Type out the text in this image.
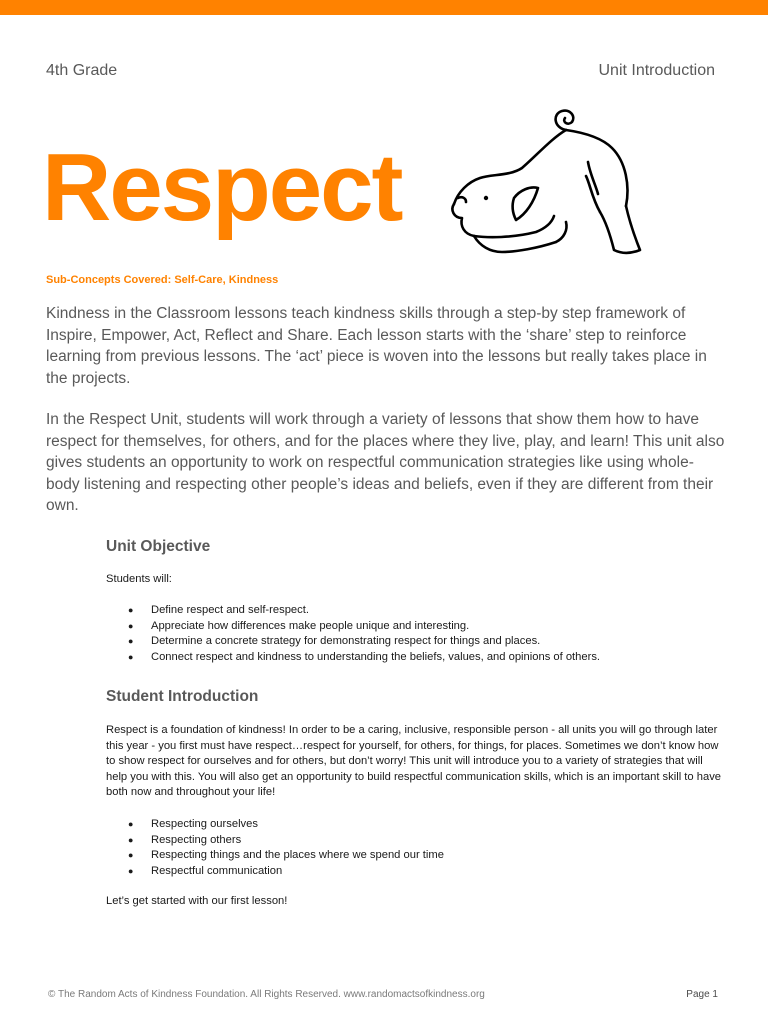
4th Grade	Unit Introduction
Respect
Sub-Concepts Covered: Self-Care, Kindness

Kindness in the Classroom lessons teach kindness skills through a step-by step framework of Inspire, Empower, Act, Reflect and Share. Each lesson starts with the ‘share’ step to reinforce learning from previous lessons. The ‘act’ piece is woven into the lessons but really takes place in the projects.

In the Respect Unit, students will work through a variety of lessons that show them how to have respect for themselves, for others, and for the places where they live, play, and learn! This unit also gives students an opportunity to work on respectful communication strategies like using whole-body listening and respecting other people’s ideas and beliefs, even if they are different from their own.

Unit Objective

Students will:

● Define respect and self-respect.
● Appreciate how differences make people unique and interesting.
● Determine a concrete strategy for demonstrating respect for things and places.
● Connect respect and kindness to understanding the beliefs, values, and opinions of others.
Student Introduction

Respect is a foundation of kindness! In order to be a caring, inclusive, responsible person - all units you will go through later this year - you first must have respect…respect for yourself, for others, for things, for places. Sometimes we don’t know how to show respect for ourselves and for others, but don’t worry! This unit will introduce you to a variety of strategies that will help you with this. You will also get an opportunity to build respectful communication skills, which is an important skill to have both now and throughout your life!

● Respecting ourselves
● Respecting others
● Respecting things and the places where we spend our time
● Respectful communication

Let’s get started with our first lesson!

© The Random Acts of Kindness Foundation. All Rights Reserved. www.randomactsofkindness.org	Page 1
